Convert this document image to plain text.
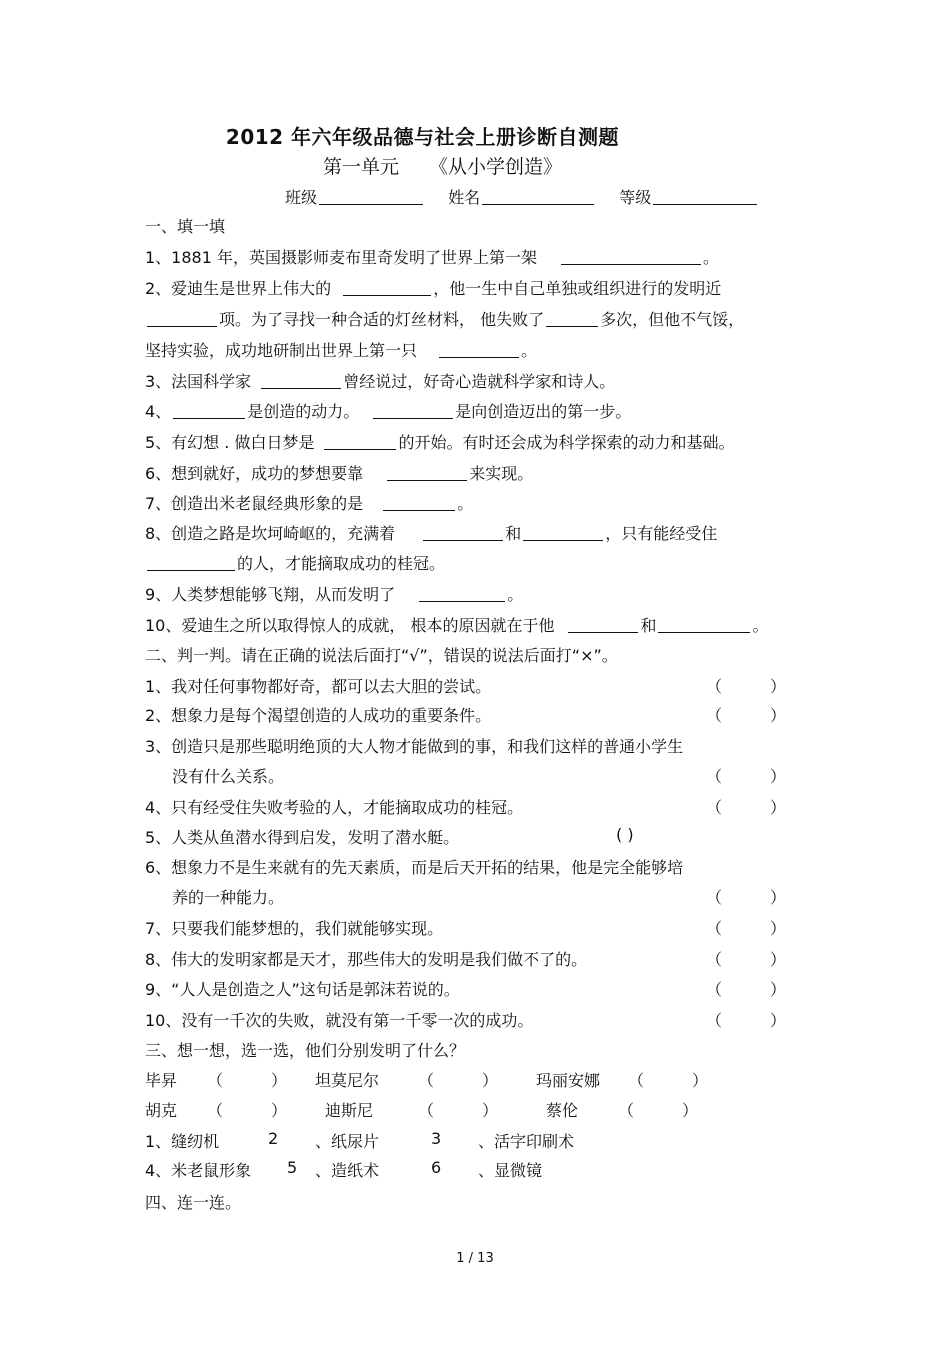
2012 年六年级品德与社会上册诊断自测题
第一单元 《从小学创造》
班级	姓名	等级
一、填一填
1、1881 年，英国摄影师麦布里奇发明了世界上第一架	。
2、爱迪生是世界上伟大的	，他一生中自己单独或组织进行的发明近
项。为了寻找一种合适的灯丝材料， 他失败了	多次，但他不气馁，
坚持实验，成功地研制出世界上第一只	。
3、法国科学家	曾经说过，好奇心造就科学家和诗人。
4、	是创造的动力。	是向创造迈出的第一步。
5、有幻想 . 做白日梦是	的开始。有时还会成为科学探索的动力和基础。
6、想到就好，成功的梦想要靠	来实现。
7、创造出米老鼠经典形象的是	。
8、创造之路是坎坷崎岖的，充满着	和	，只有能经受住
的人，才能摘取成功的桂冠。
9、人类梦想能够飞翔，从而发明了	。
10、爱迪生之所以取得惊人的成就， 根本的原因就在于他	和	。
二、判一判。请在正确的说法后面打“√”，错误的说法后面打“×”。
1、我对任何事物都好奇，都可以去大胆的尝试。	（　　　）
2、想象力是每个渴望创造的人成功的重要条件。	（　　　）
3、创造只是那些聪明绝顶的大人物才能做到的事，和我们这样的普通小学生
没有什么关系。	（　　　）
4、只有经受住失败考验的人，才能摘取成功的桂冠。	（　　　）
5、人类从鱼潜水得到启发，发明了潜水艇。	( )
6、想象力不是生来就有的先天素质，而是后天开拓的结果，他是完全能够培
养的一种能力。	（　　　）
7、只要我们能梦想的，我们就能够实现。	（　　　）
8、伟大的发明家都是天才，那些伟大的发明是我们做不了的。	（　　　）
9、“人人是创造之人”这句话是郭沫若说的。	（　　　）
10、没有一千次的失败，就没有第一千零一次的成功。	（　　　）
三、想一想，选一选，他们分别发明了什么？
毕昇 （　　　） 坦莫尼尔 （　　　） 玛丽安娜 （　　　）
胡克 （　　　） 迪斯尼	（　　　）	蔡伦 （　　　）
1、缝纫机	2 、纸尿片	3 、活字印刷术
4、米老鼠形象 5 、造纸术	6 、显微镜
四、连一连。
1 / 13
